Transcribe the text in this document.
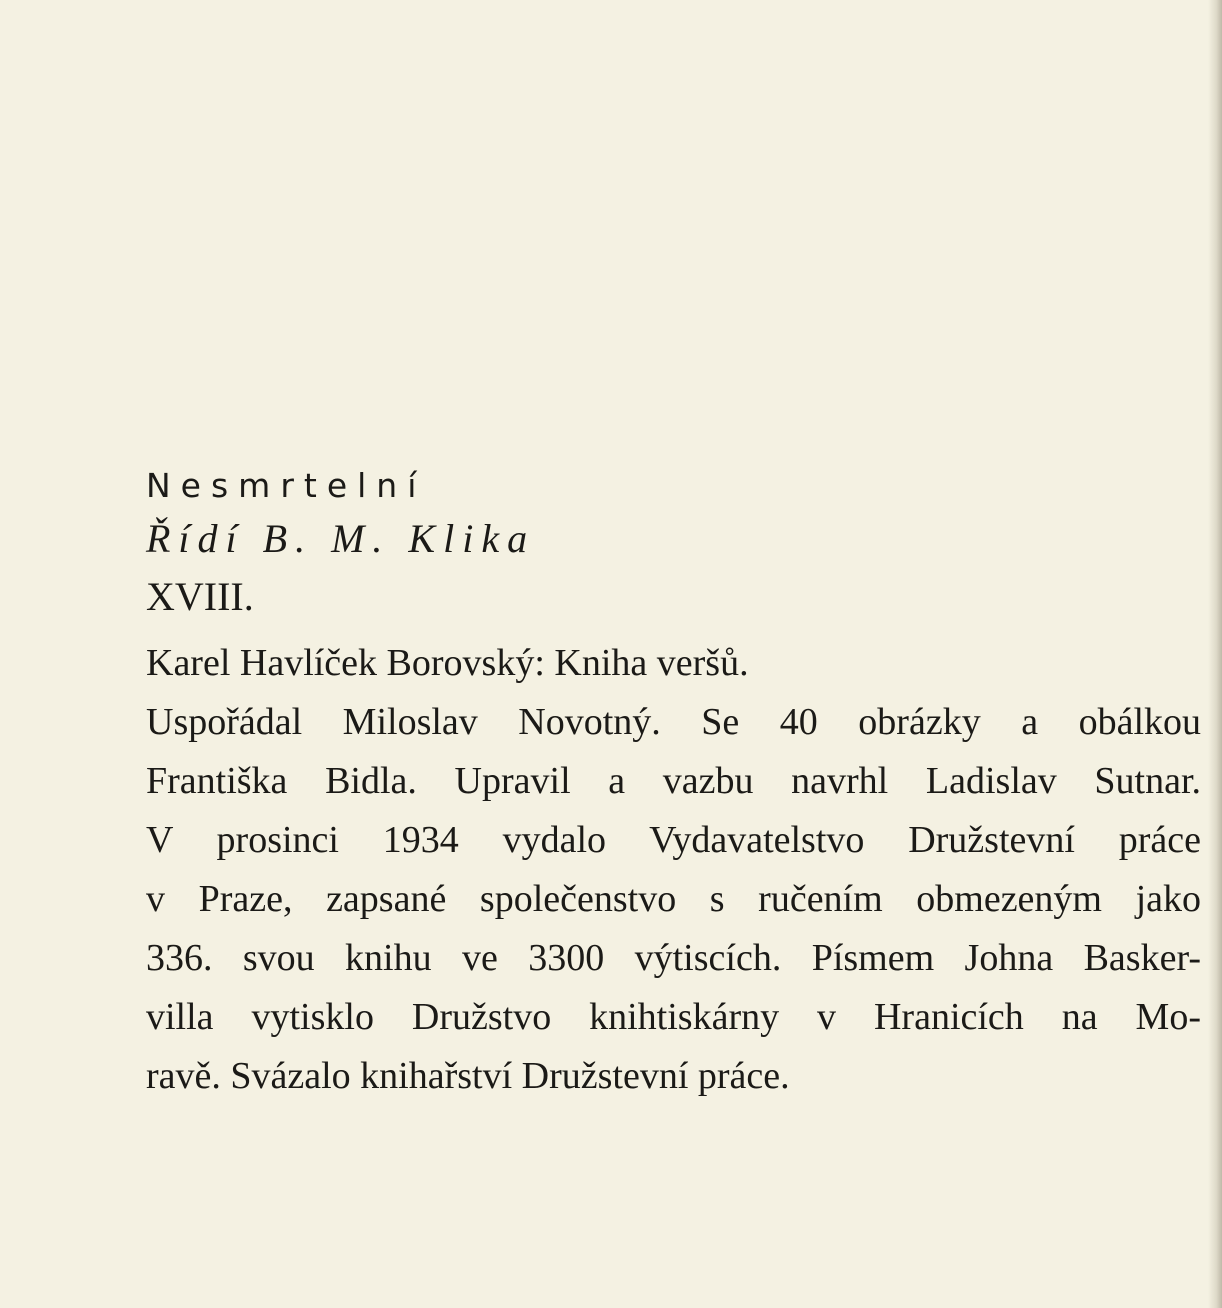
Nesmrtelní

Řídí B. M. Klika

XVIII.

Karel Havlíček Borovský: Kniha veršů.

Uspořádal Miloslav Novotný. Se 40 obrázky a obálkou

Františka Bidla. Upravil a vazbu navrhl Ladislav Sutnar.

V prosinci 1934 vydalo Vydavatelstvo Družstevní práce

v Praze, zapsané společenstvo s ručením obmezeným jako

336. svou knihu ve 3300 výtiscích. Písmem Johna Basker-

villa vytisklo Družstvo knihtiskárny v Hranicích na Mo-

ravě. Svázalo knihařství Družstevní práce.
